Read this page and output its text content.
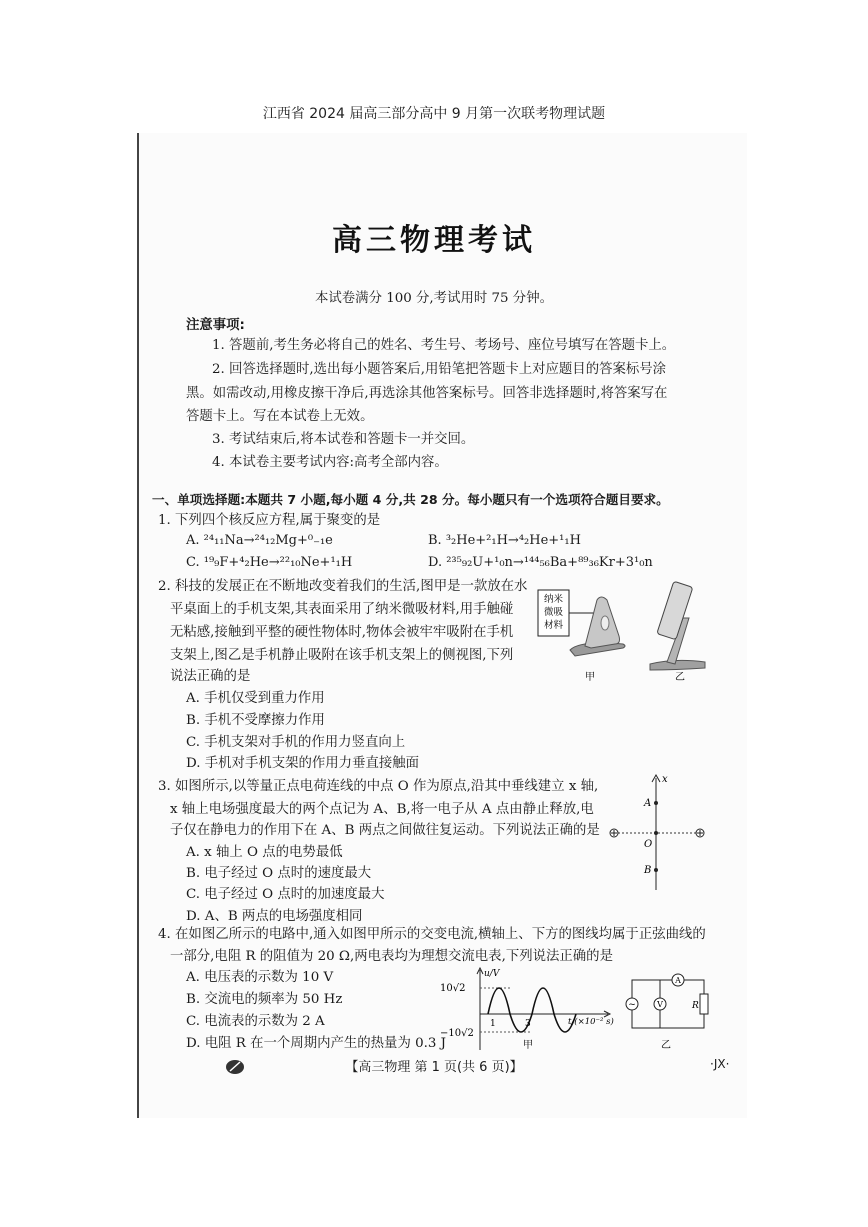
江西省 2024 届高三部分高中 9 月第一次联考物理试题
高三物理考试
本试卷满分 100 分,考试用时 75 分钟。
注意事项:
1. 答题前,考生务必将自己的姓名、考生号、考场号、座位号填写在答题卡上。
2. 回答选择题时,选出每小题答案后,用铅笔把答题卡上对应题目的答案标号涂
黑。如需改动,用橡皮擦干净后,再选涂其他答案标号。回答非选择题时,将答案写在
答题卡上。写在本试卷上无效。
3. 考试结束后,将本试卷和答题卡一并交回。
4. 本试卷主要考试内容:高考全部内容。
一、单项选择题:本题共 7 小题,每小题 4 分,共 28 分。每小题只有一个选项符合题目要求。
1. 下列四个核反应方程,属于聚变的是
A. ²⁴₁₁Na→²⁴₁₂Mg+⁰₋₁e	B. ³₂He+²₁H→⁴₂He+¹₁H
C. ¹⁹₉F+⁴₂He→²²₁₀Ne+¹₁H	D. ²³⁵₉₂U+¹₀n→¹⁴⁴₅₆Ba+⁸⁹₃₆Kr+3¹₀n
2. 科技的发展正在不断地改变着我们的生活,图甲是一款放在水
平桌面上的手机支架,其表面采用了纳米微吸材料,用手触碰
无粘感,接触到平整的硬性物体时,物体会被牢牢吸附在手机
支架上,图乙是手机静止吸附在该手机支架上的侧视图,下列
说法正确的是
A. 手机仅受到重力作用
B. 手机不受摩擦力作用
C. 手机支架对手机的作用力竖直向上
D. 手机对手机支架的作用力垂直接触面
纳米
微吸
材料
甲	乙
3. 如图所示,以等量正点电荷连线的中点 O 作为原点,沿其中垂线建立 x 轴,
x 轴上电场强度最大的两个点记为 A、B,将一电子从 A 点由静止释放,电
子仅在静电力的作用下在 A、B 两点之间做往复运动。下列说法正确的是
A. x 轴上 O 点的电势最低
B. 电子经过 O 点时的速度最大
C. 电子经过 O 点时的加速度最大
D. A、B 两点的电场强度相同
x
A
O
B
4. 在如图乙所示的电路中,通入如图甲所示的交变电流,横轴上、下方的图线均属于正弦曲线的
一部分,电阻 R 的阻值为 20 Ω,两电表均为理想交流电表,下列说法正确的是
A. 电压表的示数为 10 V
B. 交流电的频率为 50 Hz
C. 电流表的示数为 2 A
D. 电阻 R 在一个周期内产生的热量为 0.3 J
u/V
10√2
−10√2
1	3	t/(×10⁻² s)
甲
~
A
V	R
乙
【高三物理 第 1 页(共 6 页)】	·JX·
